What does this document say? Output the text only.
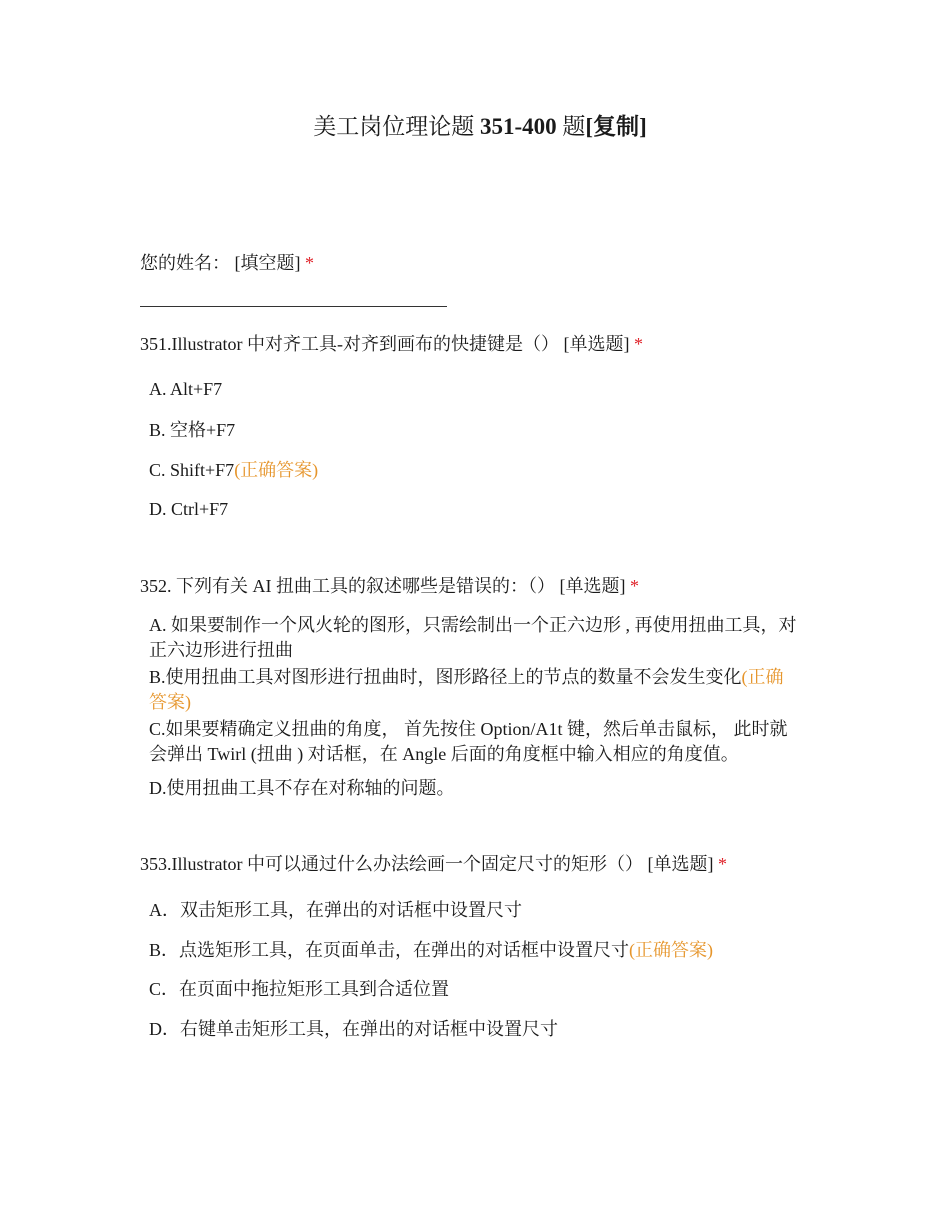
美工岗位理论题 351-400 题[复制]
您的姓名： [填空题] *
351.Illustrator 中对齐工具-对齐到画布的快捷键是（） [单选题] *
A. Alt+F7
B. 空格+F7
C. Shift+F7(正确答案)
D. Ctrl+F7
352. 下列有关 AI 扭曲工具的叙述哪些是错误的：（） [单选题] *
A. 如果要制作一个风火轮的图形，只需绘制出一个正六边形 , 再使用扭曲工具，对正六边形进行扭曲
B.使用扭曲工具对图形进行扭曲时，图形路径上的节点的数量不会发生变化(正确答案)
C.如果要精确定义扭曲的角度， 首先按住 Option/A1t 键，然后单击鼠标， 此时就会弹出 Twirl (扭曲 ) 对话框，在 Angle 后面的角度框中输入相应的角度值。
D.使用扭曲工具不存在对称轴的问题。
353.Illustrator 中可以通过什么办法绘画一个固定尺寸的矩形（） [单选题] *
A．双击矩形工具，在弹出的对话框中设置尺寸
B．点选矩形工具，在页面单击，在弹出的对话框中设置尺寸(正确答案)
C．在页面中拖拉矩形工具到合适位置
D．右键单击矩形工具，在弹出的对话框中设置尺寸
